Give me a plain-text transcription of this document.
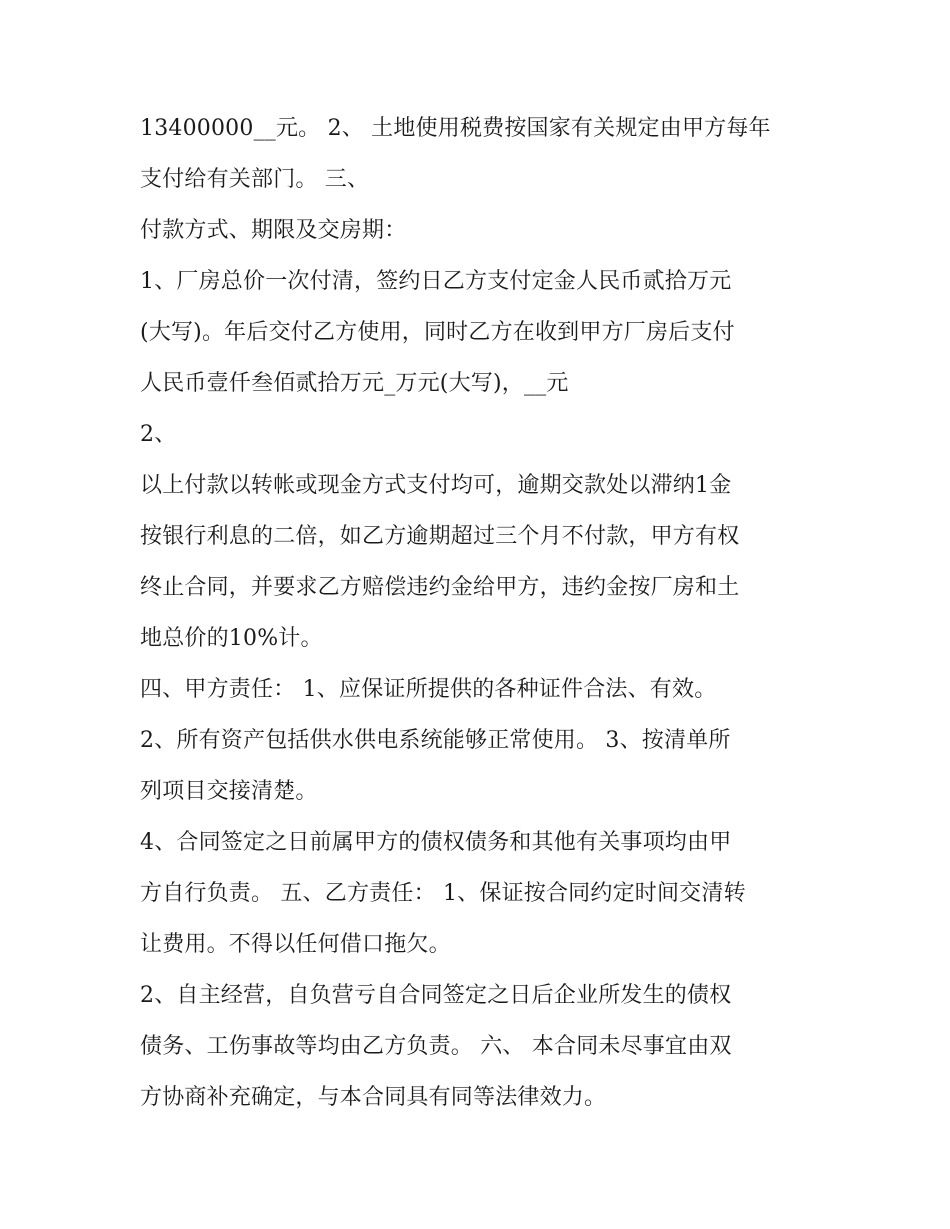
13400000__元。 2、 土地使用税费按国家有关规定由甲方每年
支付给有关部门。 三、
付款方式、期限及交房期：
1、厂房总价一次付清，签约日乙方支付定金人民币贰拾万元
(大写)。年后交付乙方使用，同时乙方在收到甲方厂房后支付
人民币壹仟叁佰贰拾万元_万元(大写)，__元
2、
以上付款以转帐或现金方式支付均可，逾期交款处以滞纳1金
按银行利息的二倍，如乙方逾期超过三个月不付款，甲方有权
终止合同，并要求乙方赔偿违约金给甲方，违约金按厂房和土
地总价的10%计。
四、甲方责任： 1、应保证所提供的各种证件合法、有效。
2、所有资产包括供水供电系统能够正常使用。 3、按清单所
列项目交接清楚。
4、合同签定之日前属甲方的债权债务和其他有关事项均由甲
方自行负责。 五、乙方责任： 1、保证按合同约定时间交清转
让费用。不得以任何借口拖欠。
2、自主经营，自负营亏自合同签定之日后企业所发生的债权
债务、工伤事故等均由乙方负责。 六、 本合同未尽事宜由双
方协商补充确定，与本合同具有同等法律效力。
